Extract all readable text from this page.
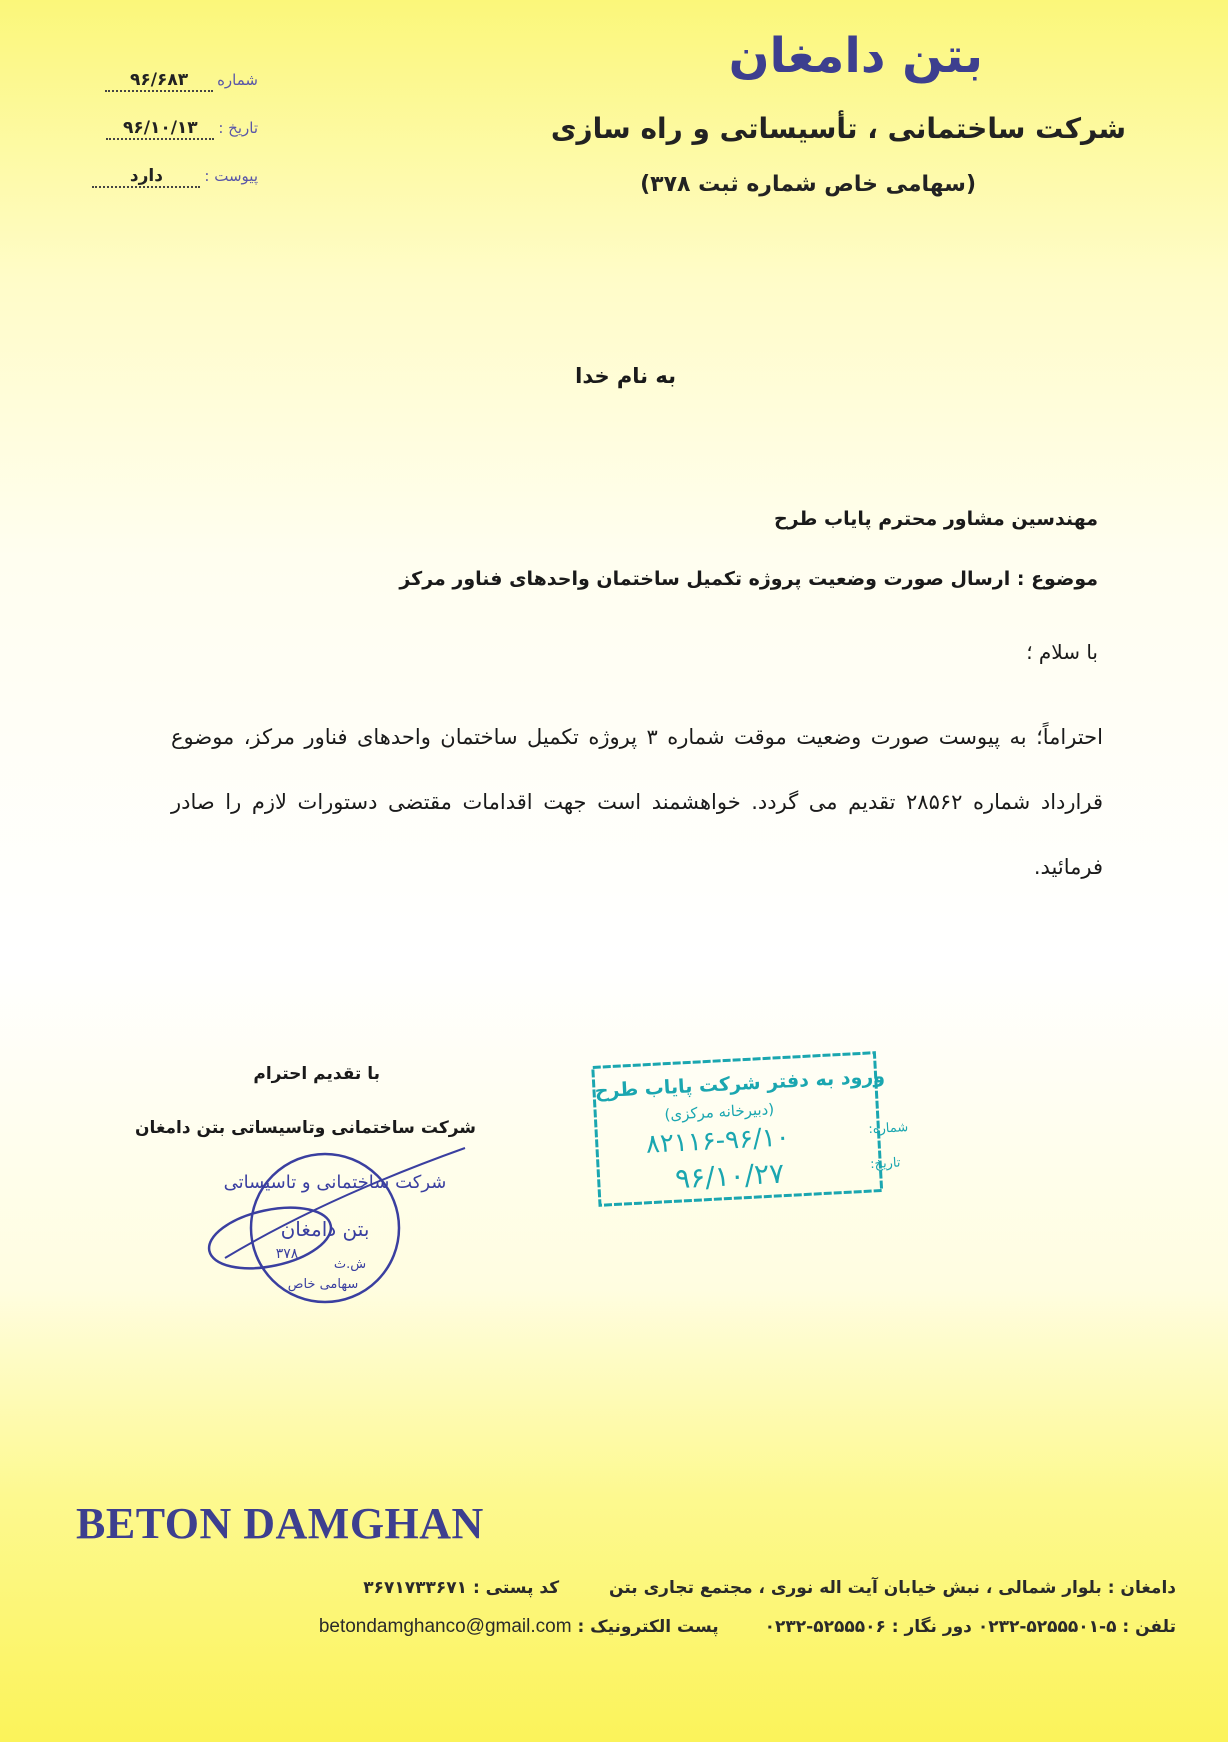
بتن دامغان
شرکت ساختمانی ، تأسیساتی و راه سازی
(سهامی خاص شماره ثبت ۳۷۸)
شماره
۹۶/۶۸۳
تاریخ :
۹۶/۱۰/۱۳
پیوست :
دارد
به نام خدا
مهندسین مشاور محترم پایاب طرح
موضوع : ارسال صورت وضعیت پروژه تکمیل ساختمان واحدهای فناور مرکز
با سلام ؛
احتراماً؛ به پیوست صورت وضعیت موقت شماره ۳ پروژه تکمیل ساختمان واحدهای فناور مرکز، موضوع قرارداد شماره ۲۸۵۶۲ تقدیم می گردد. خواهشمند است جهت اقدامات مقتضی دستورات لازم را صادر فرمائید.
با تقدیم احترام
شرکت ساختمانی وتاسیساتی بتن دامغان
شرکت ساختمانی و تاسیساتی
بتن دامغان
ش.ث
۳۷۸
سهامی خاص
ورود به دفتر شرکت پایاب طرح
(دبیرخانه مرکزی)
شماره:
۸۲۱۱۶-۹۶/۱۰
تاریخ:
۹۶/۱۰/۲۷
BETON DAMGHAN
دامغان : بلوار شمالی ، نبش خیابان آیت اله نوری ، مجتمع تجاری بتن کد پستی : ۳۶۷۱۷۳۳۶۷۱
تلفن : ۵-۵۲۵۵۵۰۱-۰۲۳۲ دور نگار : ۵۲۵۵۵۰۶-۰۲۳۲ پست الکترونیک : betondamghanco@gmail.com
